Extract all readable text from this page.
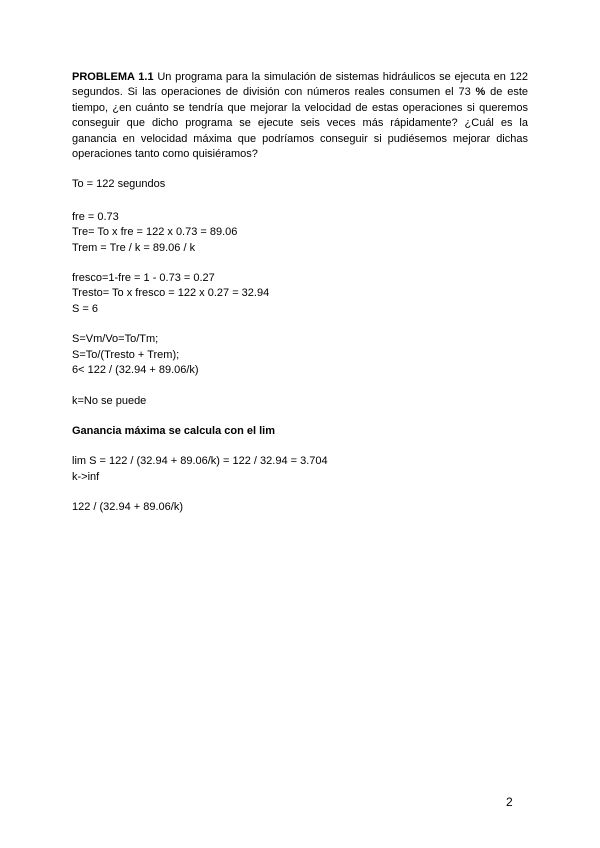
PROBLEMA 1.1 Un programa para la simulación de sistemas hidráulicos se ejecuta en 122 segundos. Si las operaciones de división con números reales consumen el 73 % de este tiempo, ¿en cuánto se tendría que mejorar la velocidad de estas operaciones si queremos conseguir que dicho programa se ejecute seis veces más rápidamente? ¿Cuál es la ganancia en velocidad máxima que podríamos conseguir si pudiésemos mejorar dichas operaciones tanto como quisiéramos?

To = 122 segundos

fre = 0.73

Tre= To x fre = 122 x 0.73 = 89.06

Trem = Tre / k = 89.06 / k

fresco=1-fre = 1 - 0.73 = 0.27

Tresto= To x fresco = 122 x 0.27 = 32.94

S = 6

S=Vm/Vo=To/Tm;

S=To/(Tresto + Trem);

6< 122 / (32.94 + 89.06/k)

k=No se puede

Ganancia máxima se calcula con el lim

lim S = 122 / (32.94 + 89.06/k) = 122 / 32.94 = 3.704

k->inf

122 / (32.94 + 89.06/k)

2
